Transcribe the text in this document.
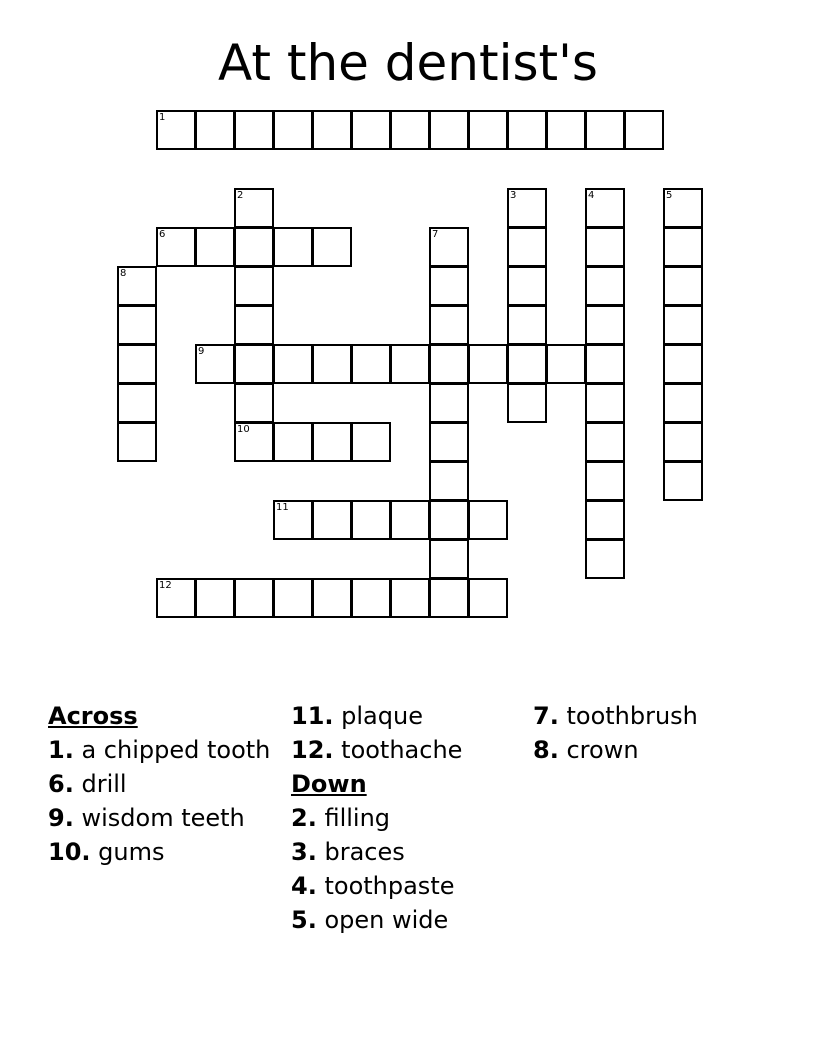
At the dentist's
1
6
9
10
11
12
2	3	4	5
7
8
Across
1. a chipped tooth
6. drill
9. wisdom teeth
10. gums
11. plaque
12. toothache
Down
2. filling
3. braces
4. toothpaste
5. open wide
7. toothbrush
8. crown
